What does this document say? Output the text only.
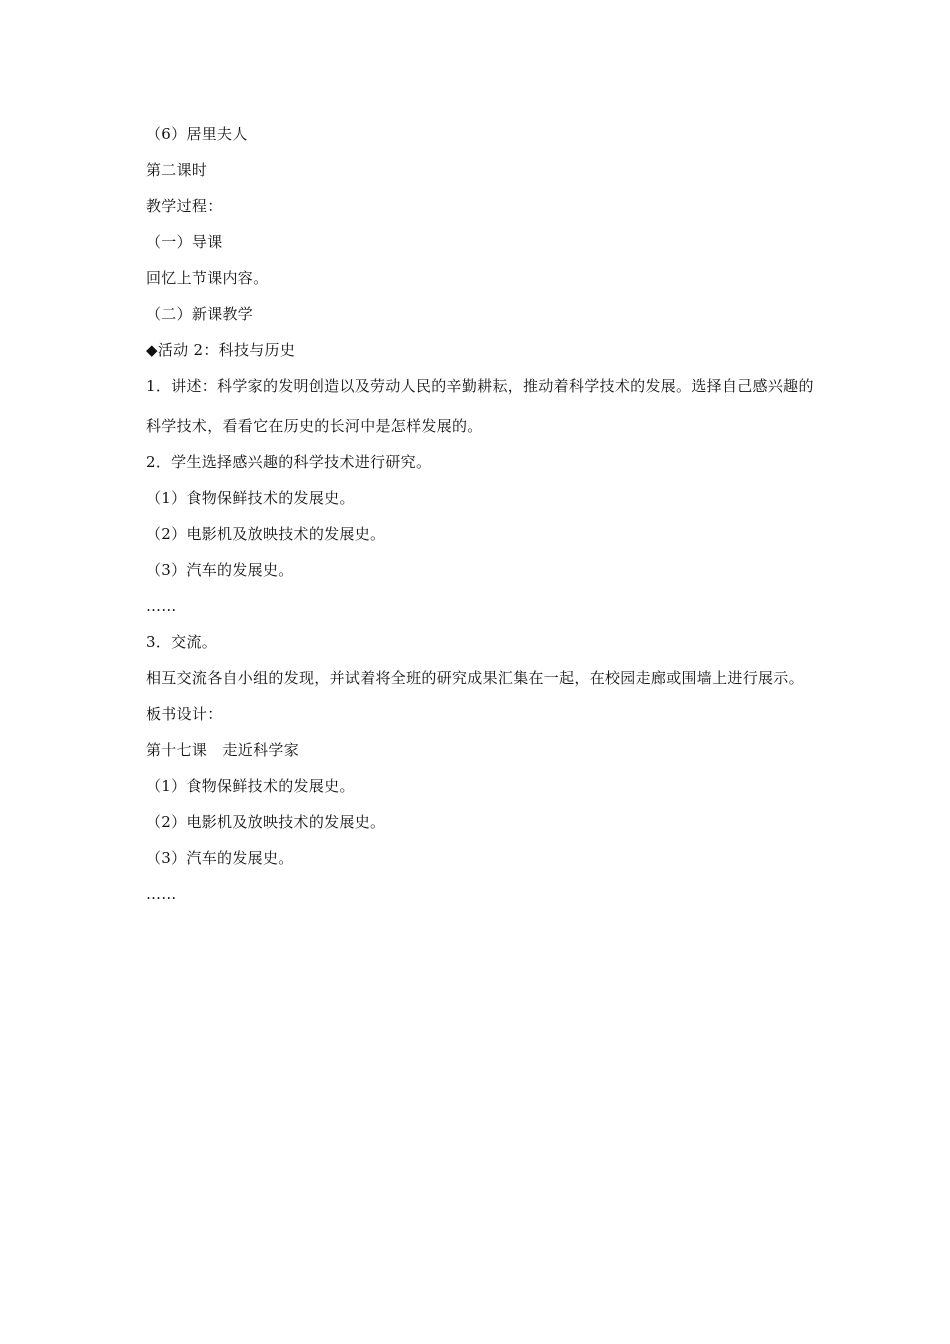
（6）居里夫人
第二课时
教学过程：
（一）导课
回忆上节课内容。
（二）新课教学
◆活动 2：科技与历史
1．讲述：科学家的发明创造以及劳动人民的辛勤耕耘，推动着科学技术的发展。选择自己感兴趣的科学技术，看看它在历史的长河中是怎样发展的。
2．学生选择感兴趣的科学技术进行研究。
（1）食物保鲜技术的发展史。
（2）电影机及放映技术的发展史。
（3）汽车的发展史。
……
3．交流。
相互交流各自小组的发现，并试着将全班的研究成果汇集在一起，在校园走廊或围墙上进行展示。
板书设计：
第十七课　走近科学家
（1）食物保鲜技术的发展史。
（2）电影机及放映技术的发展史。
（3）汽车的发展史。
……
